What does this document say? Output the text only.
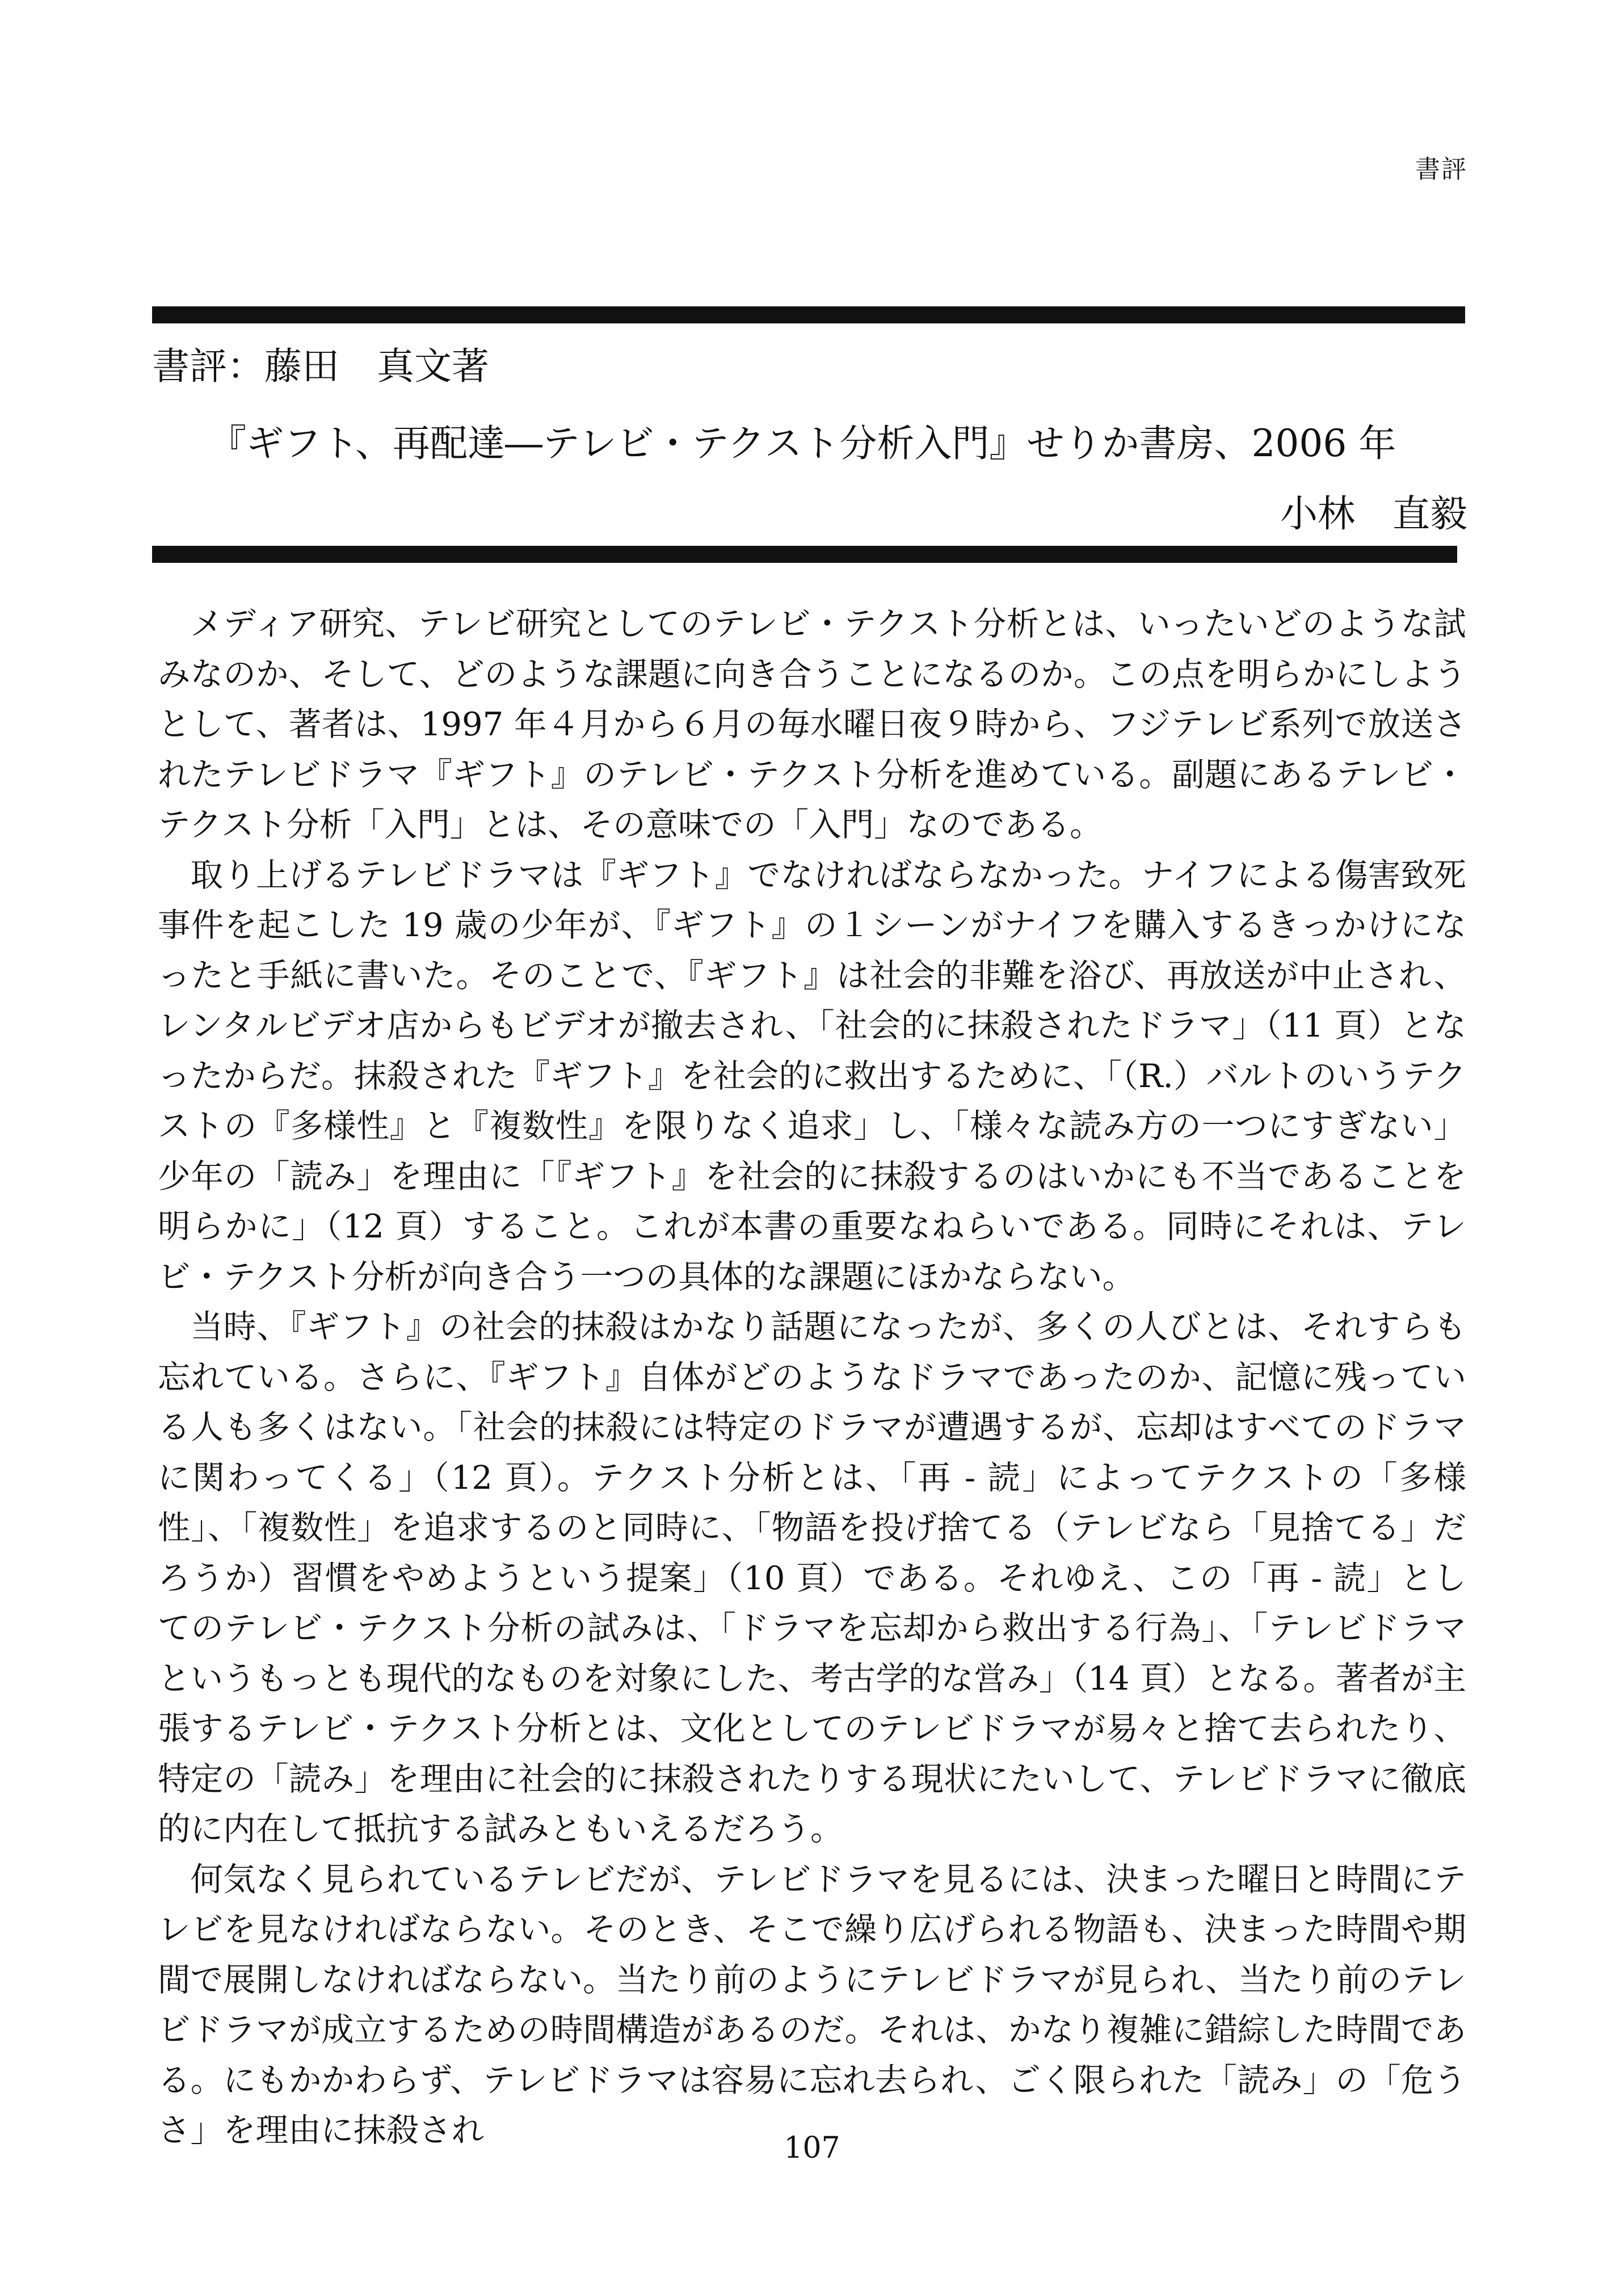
書評
書評：藤田　真文著
『ギフト、再配達―テレビ・テクスト分析入門』せりか書房、2006 年
小林　直毅

メディア研究、テレビ研究としてのテレビ・テクスト分析とは、いったいどのような試みなのか、そして、どのような課題に向き合うことになるのか。この点を明らかにしようとして、著者は、1997 年４月から６月の毎水曜日夜９時から、フジテレビ系列で放送されたテレビドラマ『ギフト』のテレビ・テクスト分析を進めている。副題にあるテレビ・テクスト分析「入門」とは、その意味での「入門」なのである。

取り上げるテレビドラマは『ギフト』でなければならなかった。ナイフによる傷害致死事件を起こした 19 歳の少年が、『ギフト』の１シーンがナイフを購入するきっかけになったと手紙に書いた。そのことで、『ギフト』は社会的非難を浴び、再放送が中止され、レンタルビデオ店からもビデオが撤去され、「社会的に抹殺されたドラマ」（11 頁）となったからだ。抹殺された『ギフト』を社会的に救出するために、「（R.）バルトのいうテクストの『多様性』と『複数性』を限りなく追求」し、「様々な読み方の一つにすぎない」少年の「読み」を理由に「『ギフト』を社会的に抹殺するのはいかにも不当であることを明らかに」（12 頁）すること。これが本書の重要なねらいである。同時にそれは、テレビ・テクスト分析が向き合う一つの具体的な課題にほかならない。

当時、『ギフト』の社会的抹殺はかなり話題になったが、多くの人びとは、それすらも忘れている。さらに、『ギフト』自体がどのようなドラマであったのか、記憶に残っている人も多くはない。「社会的抹殺には特定のドラマが遭遇するが、忘却はすべてのドラマに関わってくる」（12 頁）。テクスト分析とは、「再 - 読」によってテクストの「多様性」、「複数性」を追求するのと同時に、「物語を投げ捨てる（テレビなら「見捨てる」だろうか）習慣をやめようという提案」（10 頁）である。それゆえ、この「再 - 読」としてのテレビ・テクスト分析の試みは、「ドラマを忘却から救出する行為」、「テレビドラマというもっとも現代的なものを対象にした、考古学的な営み」（14 頁）となる。著者が主張するテレビ・テクスト分析とは、文化としてのテレビドラマが易々と捨て去られたり、特定の「読み」を理由に社会的に抹殺されたりする現状にたいして、テレビドラマに徹底的に内在して抵抗する試みともいえるだろう。

何気なく見られているテレビだが、テレビドラマを見るには、決まった曜日と時間にテレビを見なければならない。そのとき、そこで繰り広げられる物語も、決まった時間や期間で展開しなければならない。当たり前のようにテレビドラマが見られ、当たり前のテレビドラマが成立するための時間構造があるのだ。それは、かなり複雑に錯綜した時間である。にもかかわらず、テレビドラマは容易に忘れ去られ、ごく限られた「読み」の「危うさ」を理由に抹殺され	107
